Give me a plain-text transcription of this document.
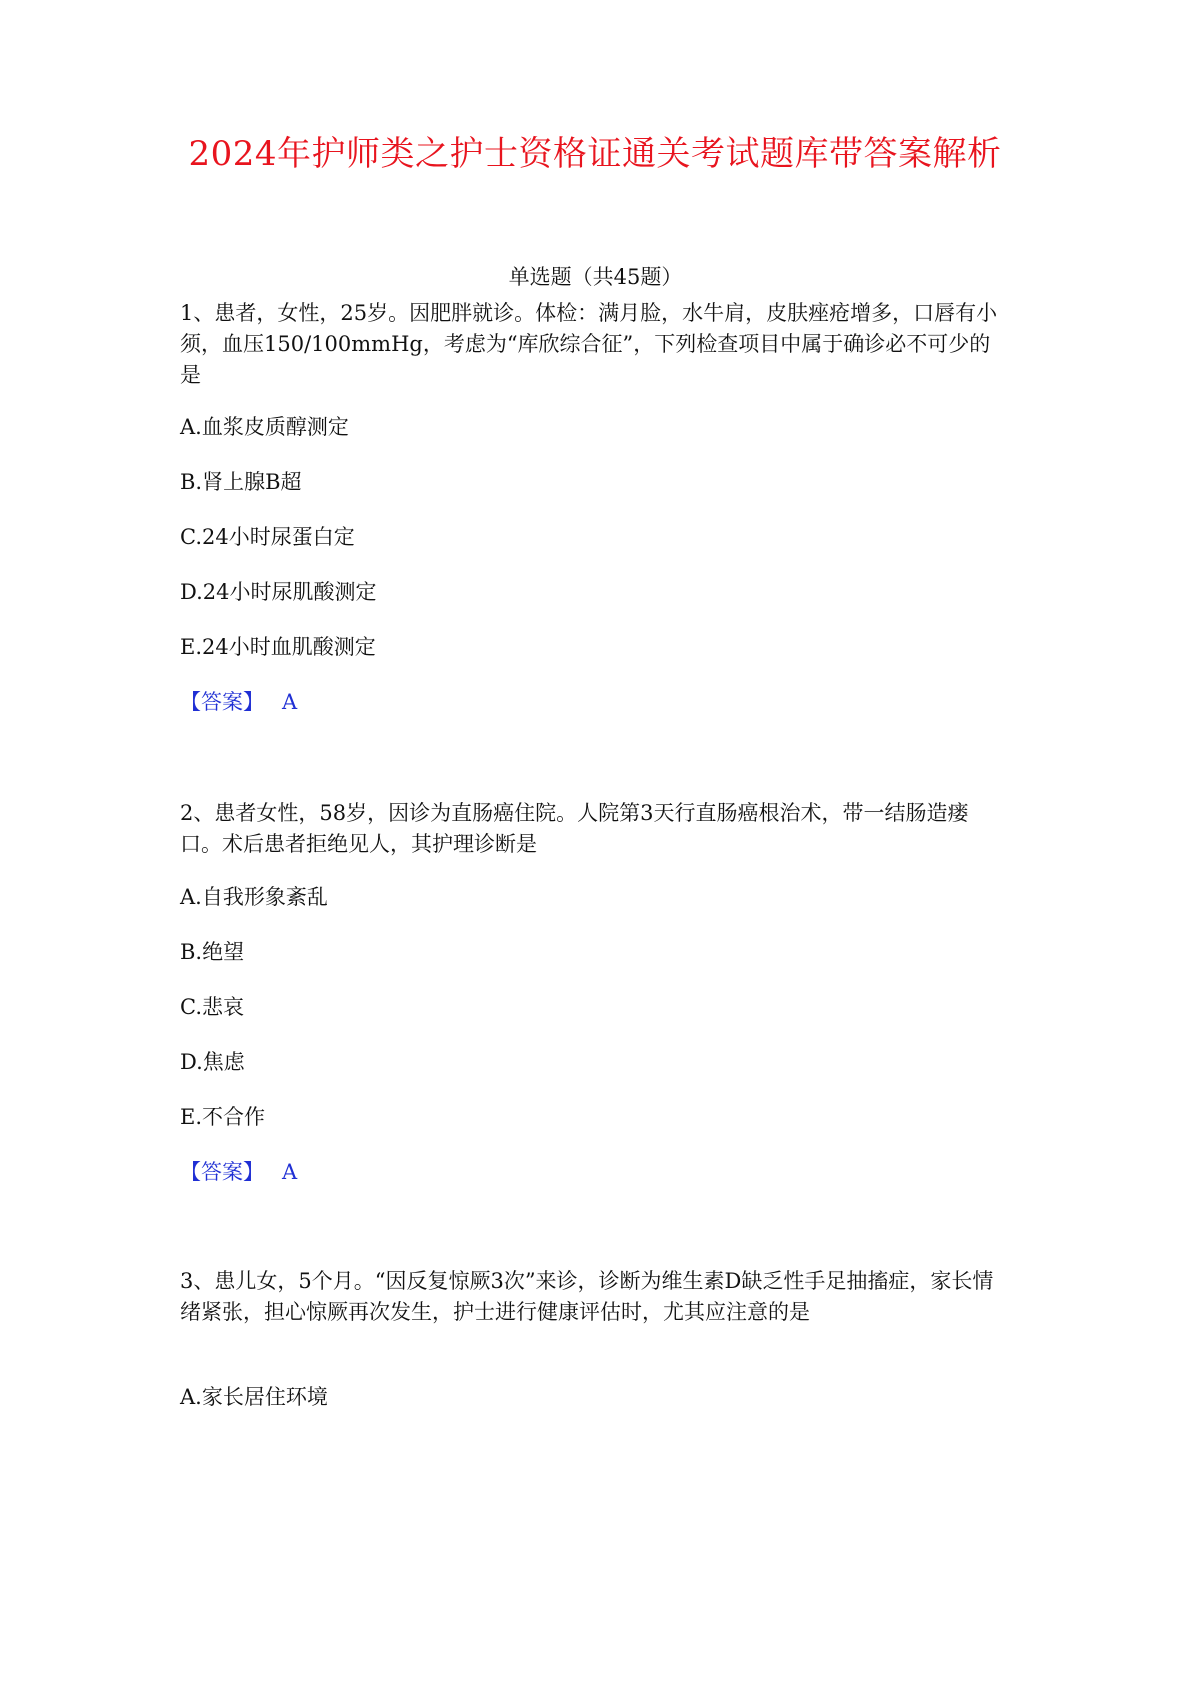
2024年护师类之护士资格证通关考试题库带答案解析
单选题（共45题）

1、患者，女性，25岁。因肥胖就诊。体检：满月脸，水牛肩，皮肤痤疮增多，口唇有小须，血压150/100mmHg，考虑为“库欣综合征”，下列检查项目中属于确诊必不可少的是

A.血浆皮质醇测定

B.肾上腺B超

C.24小时尿蛋白定

D.24小时尿肌酸测定

E.24小时血肌酸测定

【答案】 A

2、患者女性，58岁，因诊为直肠癌住院。人院第3天行直肠癌根治术，带一结肠造瘘口。术后患者拒绝见人，其护理诊断是

A.自我形象紊乱

B.绝望

C.悲哀

D.焦虑

E.不合作

【答案】 A

3、患儿女，5个月。“因反复惊厥3次”来诊，诊断为维生素D缺乏性手足抽搐症，家长情绪紧张，担心惊厥再次发生，护士进行健康评估时，尤其应注意的是

A.家长居住环境
